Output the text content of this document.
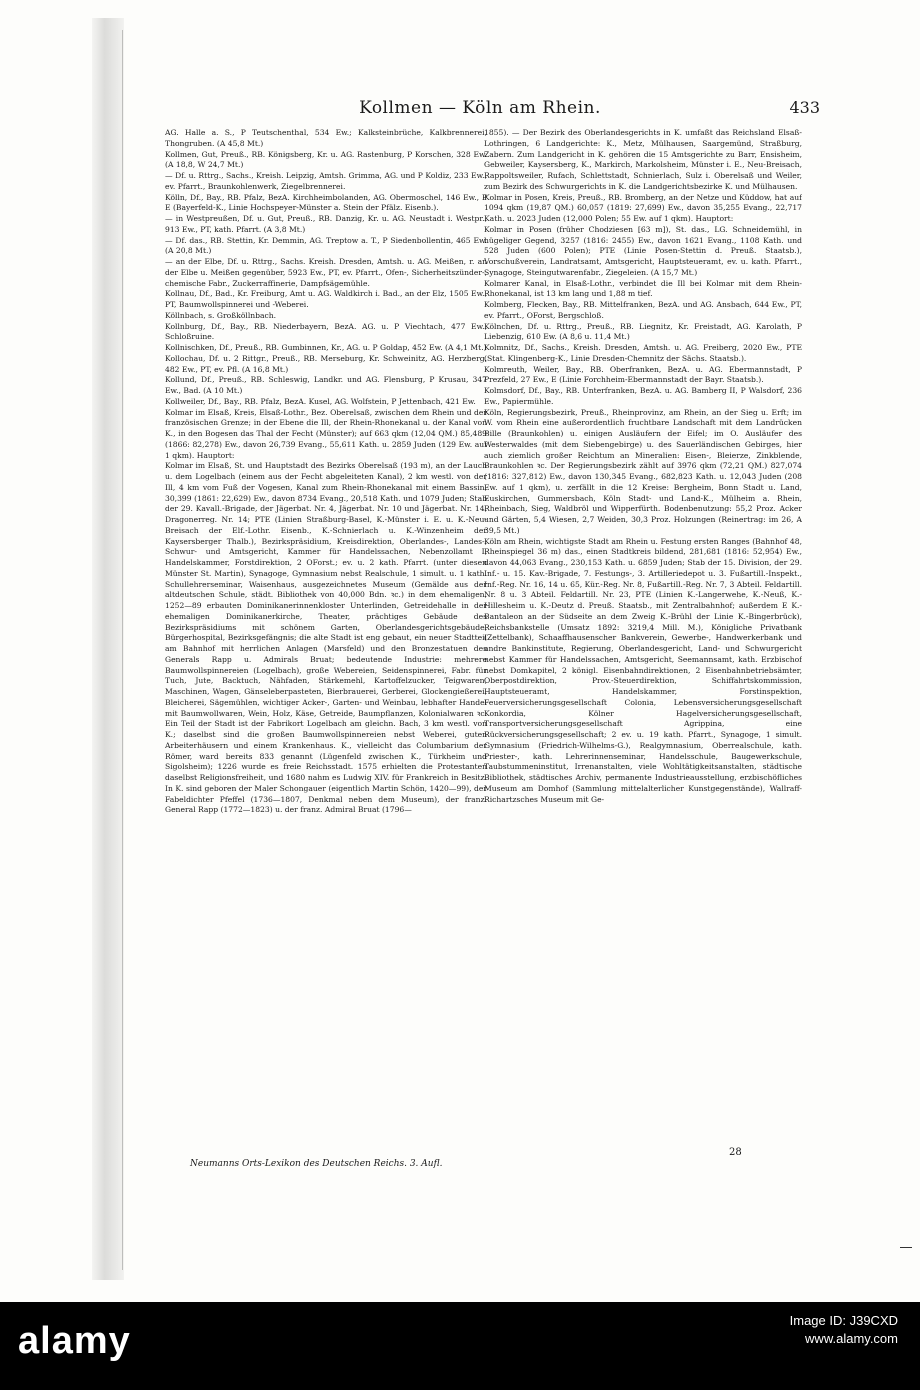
Kollmen — Köln am Rhein.	433

AG. Halle a. S., P Teutschenthal, 534 Ew.; Kalksteinbrüche, Kalkbrennerei, Thongruben. (A 45,8 Mt.)

Kollmen, Gut, Preuß., RB. Königsberg, Kr. u. AG. Rastenburg, P Korschen, 328 Ew. (A 18,8, W 24,7 Mt.)

— Df. u. Rttrg., Sachs., Kreish. Leipzig, Amtsh. Grimma, AG. und P Koldiz, 233 Ew., ev. Pfarrt., Braunkohlenwerk, Ziegelbrennerei.

Kölln, Df., Bay., RB. Pfalz, BezA. Kirchheimbolanden, AG. Obermoschel, 146 Ew., P E (Bayerfeld-K., Linie Hochspeyer-Münster a. Stein der Pfälz. Eisenb.).

— in Westpreußen, Df. u. Gut, Preuß., RB. Danzig, Kr. u. AG. Neustadt i. Westpr., 913 Ew., PT, kath. Pfarrt. (A 3,8 Mt.)

— Df. das., RB. Stettin, Kr. Demmin, AG. Treptow a. T., P Siedenbollentin, 465 Ew. (A 20,8 Mt.)

— an der Elbe, Df. u. Rttrg., Sachs. Kreish. Dresden, Amtsh. u. AG. Meißen, r. an der Elbe u. Meißen gegenüber, 5923 Ew., PT, ev. Pfarrt., Ofen-, Sicherheitszünder-, chemische Fabr., Zuckerraffinerie, Dampfsägemühle.

Kollnau, Df., Bad., Kr. Freiburg, Amt u. AG. Waldkirch i. Bad., an der Elz, 1505 Ew., PT, Baumwollspinnerei und -Weberei.

Köllnbach, s. Großköllnbach.

Kollnburg, Df., Bay., RB. Niederbayern, BezA. AG. u. P Viechtach, 477 Ew., Schloßruine.

Kollnischken, Df., Preuß., RB. Gumbinnen, Kr., AG. u. P Goldap, 452 Ew. (A 4,1 Mt.)

Kollochau, Df. u. 2 Rittgr., Preuß., RB. Merseburg, Kr. Schweinitz, AG. Herzberg, 482 Ew., PT, ev. Pfl. (A 16,8 Mt.)

Kollund, Df., Preuß., RB. Schleswig, Landkr. und AG. Flensburg, P Krusau, 347 Ew., Bad. (A 10 Mt.)

Kollweiler, Df., Bay., RB. Pfalz, BezA. Kusel, AG. Wolfstein, P Jettenbach, 421 Ew.

Kolmar im Elsaß, Kreis, Elsaß-Lothr., Bez. Oberelsaß, zwischen dem Rhein und der französischen Grenze; in der Ebene die Ill, der Rhein-Rhonekanal u. der Kanal von K., in den Bogesen das Thal der Fecht (Münster); auf 663 qkm (12,04 QM.) 85,489 (1866: 82,278) Ew., davon 26,739 Evang., 55,611 Kath. u. 2859 Juden (129 Ew. auf 1 qkm). Hauptort:

Kolmar im Elsaß, St. und Hauptstadt des Bezirks Oberelsaß (193 m), an der Lauch u. dem Logelbach (einem aus der Fecht abgeleiteten Kanal), 2 km westl. von der Ill, 4 km vom Fuß der Vogesen, Kanal zum Rhein-Rhonekanal mit einem Bassin, 30,399 (1861: 22,629) Ew., davon 8734 Evang., 20,518 Kath. und 1079 Juden; Stab der 29. Kavall.-Brigade, der Jägerbat. Nr. 4, Jägerbat. Nr. 10 und Jägerbat. Nr. 14, Dragonerreg. Nr. 14; PTE (Linien Straßburg-Basel, K.-Münster i. E. u. K.-Neu-Breisach der Elf.-Lothr. Eisenb., K.-Schnierlach u. K.-Winzenheim der Kaysersberger Thalb.), Bezirkspräsidium, Kreisdirektion, Oberlandes-, Landes-, Schwur- und Amtsgericht, Kammer für Handelssachen, Nebenzollamt I, Handelskammer, Forstdirektion, 2 OForst.; ev. u. 2 kath. Pfarrt. (unter diesen Münster St. Martin), Synagoge, Gymnasium nebst Realschule, 1 simult. u. 1 kath. Schullehrerseminar, Waisenhaus, ausgezeichnetes Museum (Gemälde aus der altdeutschen Schule, städt. Bibliothek von 40,000 Bdn. ꝛc.) in dem ehemaligen, 1252—89 erbauten Dominikanerinnenkloster Unterlinden, Getreidehalle in der ehemaligen Dominikanerkirche, Theater, prächtiges Gebäude des Bezirkspräsidiums mit schönem Garten, Oberlandesgerichtsgebäude, Bürgerhospital, Bezirksgefängnis; die alte Stadt ist eng gebaut, ein neuer Stadtteil am Bahnhof mit herrlichen Anlagen (Marsfeld) und den Bronzestatuen des Generals Rapp u. Admirals Bruat; bedeutende Industrie: mehrere Baumwollspinnereien (Logelbach), große Webereien, Seidenspinnerei, Fabr. für Tuch, Jute, Backtuch, Nähfaden, Stärkemehl, Kartoffelzucker, Teigwaren, Maschinen, Wagen, Gänseleberpasteten, Bierbrauerei, Gerberei, Glockengießerei, Bleicherei, Sägemühlen, wichtiger Acker-, Garten- und Weinbau, lebhafter Handel mit Baumwollwaren, Wein, Holz, Käse, Getreide, Baumpflanzen, Kolonialwaren ꝛc. Ein Teil der Stadt ist der Fabrikort Logelbach am gleichn. Bach, 3 km westl. von K.; daselbst sind die großen Baumwollspinnereien nebst Weberei, guten Arbeiterhäusern und einem Krankenhaus. K., vielleicht das Columbarium der Römer, ward bereits 833 genannt (Lügenfeld zwischen K., Türkheim und Sigolsheim); 1226 wurde es freie Reichsstadt. 1575 erhielten die Protestanten daselbst Religionsfreiheit, und 1680 nahm es Ludwig XIV. für Frankreich in Besitz. In K. sind geboren der Maler Schongauer (eigentlich Martin Schön, 1420—99), der Fabeldichter Pfeffel (1736—1807, Denkmal neben dem Museum), der franz. General Rapp (1772—1823) u. der franz. Admiral Bruat (1796—

1855). — Der Bezirk des Oberlandesgerichts in K. umfaßt das Reichsland Elsaß-Lothringen, 6 Landgerichte: K., Metz, Mülhausen, Saargemünd, Straßburg, Zabern. Zum Landgericht in K. gehören die 15 Amtsgerichte zu Barr, Ensisheim, Gebweiler, Kaysersberg, K., Markirch, Markolsheim, Münster i. E., Neu-Breisach, Rappoltsweiler, Rufach, Schlettstadt, Schnierlach, Sulz i. Oberelsaß und Weiler, zum Bezirk des Schwurgerichts in K. die Landgerichtsbezirke K. und Mülhausen.

Kolmar in Posen, Kreis, Preuß., RB. Bromberg, an der Netze und Küddow, hat auf 1094 qkm (19,87 QM.) 60,057 (1819: 27,699) Ew., davon 35,255 Evang., 22,717 Kath. u. 2023 Juden (12,000 Polen; 55 Ew. auf 1 qkm). Hauptort:

Kolmar in Posen (früher Chodziesen [63 m]), St. das., LG. Schneidemühl, in hügeliger Gegend, 3257 (1816: 2455) Ew., davon 1621 Evang., 1108 Kath. und 528 Juden (600 Polen); PTE (Linie Posen-Stettin d. Preuß. Staatsb.), Vorschußverein, Landratsamt, Amtsgericht, Hauptsteueramt, ev. u. kath. Pfarrt., Synagoge, Steingutwarenfabr., Ziegeleien. (A 15,7 Mt.)

Kolmarer Kanal, in Elsaß-Lothr., verbindet die Ill bei Kolmar mit dem Rhein-Rhonekanal, ist 13 km lang und 1,88 m tief.

Kolmberg, Flecken, Bay., RB. Mittelfranken, BezA. und AG. Ansbach, 644 Ew., PT, ev. Pfarrt., OForst, Bergschloß.

Kölnchen, Df. u. Rttrg., Preuß., RB. Liegnitz, Kr. Freistadt, AG. Karolath, P Liebenzig, 610 Ew. (A 8,6 u. 11,4 Mt.)

Kolmnitz, Df., Sachs., Kreish. Dresden, Amtsh. u. AG. Freiberg, 2020 Ew., PTE (Stat. Klingenberg-K., Linie Dresden-Chemnitz der Sächs. Staatsb.).

Kolmreuth, Weiler, Bay., RB. Oberfranken, BezA. u. AG. Ebermannstadt, P Prezfeld, 27 Ew., E (Linie Forchheim-Ebermannstadt der Bayr. Staatsb.).

Kolmsdorf, Df., Bay., RB. Unterfranken, BezA. u. AG. Bamberg II, P Walsdorf, 236 Ew., Papiermühle.

Köln, Regierungsbezirk, Preuß., Rheinprovinz, am Rhein, an der Sieg u. Erft; im W. vom Rhein eine außerordentlich fruchtbare Landschaft mit dem Landrücken Bille (Braunkohlen) u. einigen Ausläufern der Eifel; im O. Ausläufer des Westerwaldes (mit dem Siebengebirge) u. des Sauerländischen Gebirges, hier auch ziemlich großer Reichtum an Mineralien: Eisen-, Bleierze, Zinkblende, Braunkohlen ꝛc. Der Regierungsbezirk zählt auf 3976 qkm (72,21 QM.) 827,074 (1816: 327,812) Ew., davon 130,345 Evang., 682,823 Kath. u. 12,043 Juden (208 Ew. auf 1 qkm), u. zerfällt in die 12 Kreise: Bergheim, Bonn Stadt u. Land, Euskirchen, Gummersbach, Köln Stadt- und Land-K., Mülheim a. Rhein, Rheinbach, Sieg, Waldbröl und Wipperfürth. Bodenbenutzung: 55,2 Proz. Acker und Gärten, 5,4 Wiesen, 2,7 Weiden, 30,3 Proz. Holzungen (Reinertrag: im 26, A 39,5 Mt.)

Köln am Rhein, wichtigste Stadt am Rhein u. Festung ersten Ranges (Bahnhof 48, Rheinspiegel 36 m) das., einen Stadtkreis bildend, 281,681 (1816: 52,954) Ew., davon 44,063 Evang., 230,153 Kath. u. 6859 Juden; Stab der 15. Division, der 29. Inf.- u. 15. Kav.-Brigade, 7. Festungs-, 3. Artilleriedepot u. 3. Fußartill.-Inspekt., Inf.-Reg. Nr. 16, 14 u. 65, Kür.-Reg. Nr. 8, Fußartill.-Reg. Nr. 7, 3 Abteil. Feldartill. Nr. 8 u. 3 Abteil. Feldartill. Nr. 23, PTE (Linien K.-Langerwehe, K.-Neuß, K.-Hillesheim u. K.-Deutz d. Preuß. Staatsb., mit Zentralbahnhof; außerdem E K.-Bantaleon an der Südseite an dem Zweig K.-Brühl der Linie K.-Bingerbrück), Reichsbankstelle (Umsatz 1892: 3219,4 Mill. M.), Königliche Privatbank (Zettelbank), Schaaffhausenscher Bankverein, Gewerbe-, Handwerkerbank und andre Bankinstitute, Regierung, Oberlandesgericht, Land- und Schwurgericht nebst Kammer für Handelssachen, Amtsgericht, Seemannsamt, kath. Erzbischof nebst Domkapitel, 2 königl. Eisenbahndirektionen, 2 Eisenbahnbetriebsämter, Oberpostdirektion, Prov.-Steuerdirektion, Schiffahrtskommission, Hauptsteueramt, Handelskammer, Forstinspektion, Feuerversicherungsgesellschaft Colonia, Lebensversicherungsgesellschaft Konkordia, Kölner Hagelversicherungsgesellschaft, Transportversicherungsgesellschaft Agrippina, eine Rückversicherungsgesellschaft; 2 ev. u. 19 kath. Pfarrt., Synagoge, 1 simult. Gymnasium (Friedrich-Wilhelms-G.), Realgymnasium, Oberrealschule, kath. Priester-, kath. Lehrerinnenseminar, Handelsschule, Baugewerkschule, Taubstummeninstitut, Irrenanstalten, viele Wohltätigkeitsanstalten, städtische Bibliothek, städtisches Archiv, permanente Industrieausstellung, erzbischöfliches Museum am Domhof (Sammlung mittelalterlicher Kunstgegenstände), Wallraff-Richartzsches Museum mit Ge-

28
Neumanns Orts-Lexikon des Deutschen Reichs. 3. Aufl.
alamy	Image ID: J39CXD
www.alamy.com
